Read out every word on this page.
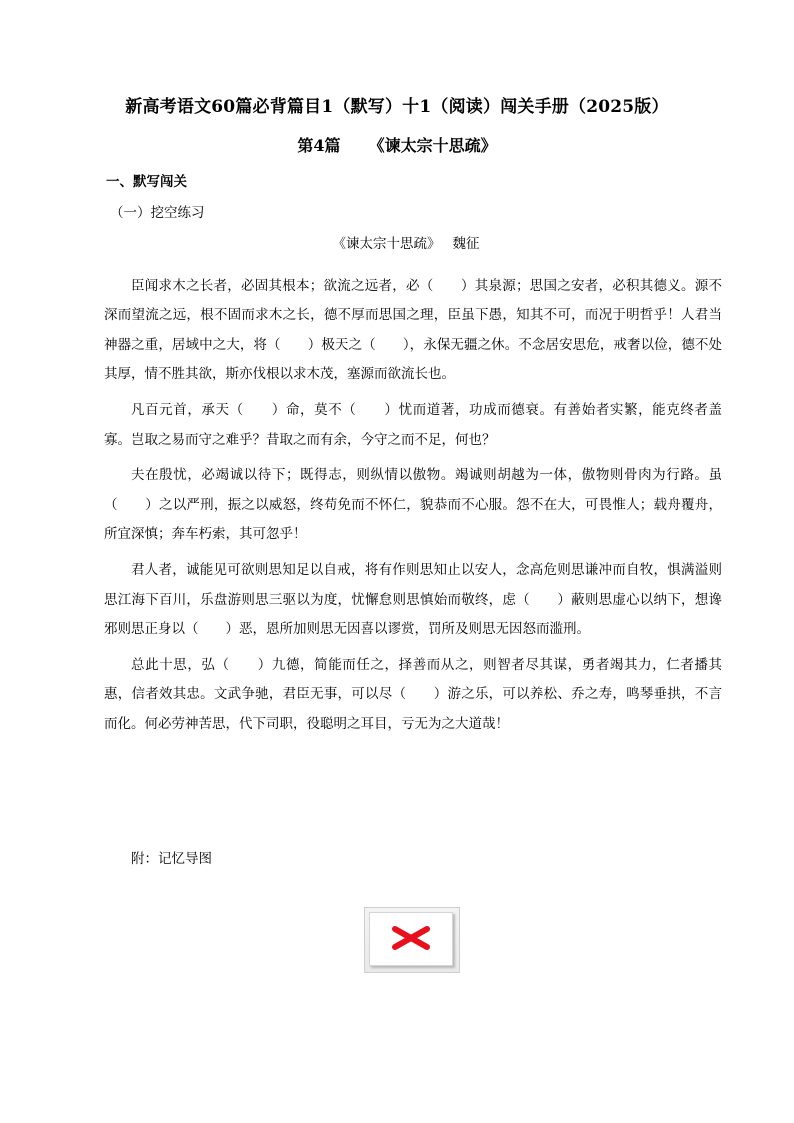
新高考语文60篇必背篇目1（默写）十1（阅读）闯关手册（2025版）
第4篇 《谏太宗十思疏》
一、默写闯关
（一）挖空练习
《谏太宗十思疏》 魏征

臣闻求木之长者，必固其根本；欲流之远者，必（　　）其泉源；思国之安者，必积其德义。源不深而望流之远，根不固而求木之长，德不厚而思国之理，臣虽下愚，知其不可，而况于明哲乎！人君当神器之重，居域中之大，将（　　）极天之（　　），永保无疆之休。不念居安思危，戒奢以俭，德不处其厚，情不胜其欲，斯亦伐根以求木茂，塞源而欲流长也。

凡百元首，承天（　　）命，莫不（　　）忧而道著，功成而德衰。有善始者实繁，能克终者盖寡。岂取之易而守之难乎？昔取之而有余，今守之而不足，何也？

夫在殷忧，必竭诚以待下；既得志，则纵情以傲物。竭诚则胡越为一体，傲物则骨肉为行路。虽（　　）之以严刑，振之以威怒，终苟免而不怀仁，貌恭而不心服。怨不在大，可畏惟人；载舟覆舟，所宜深慎；奔车朽索，其可忽乎！

君人者，诚能见可欲则思知足以自戒，将有作则思知止以安人，念高危则思谦冲而自牧，惧满溢则思江海下百川，乐盘游则思三驱以为度，忧懈怠则思慎始而敬终，虑（　　）蔽则思虚心以纳下，想谗邪则思正身以（　　）恶，恩所加则思无因喜以谬赏，罚所及则思无因怒而滥刑。

总此十思，弘（　　）九德，简能而任之，择善而从之，则智者尽其谋，勇者竭其力，仁者播其惠，信者效其忠。文武争驰，君臣无事，可以尽（　　）游之乐，可以养松、乔之寿，鸣琴垂拱，不言而化。何必劳神苦思，代下司职，役聪明之耳目，亏无为之大道哉！

附：记忆导图
